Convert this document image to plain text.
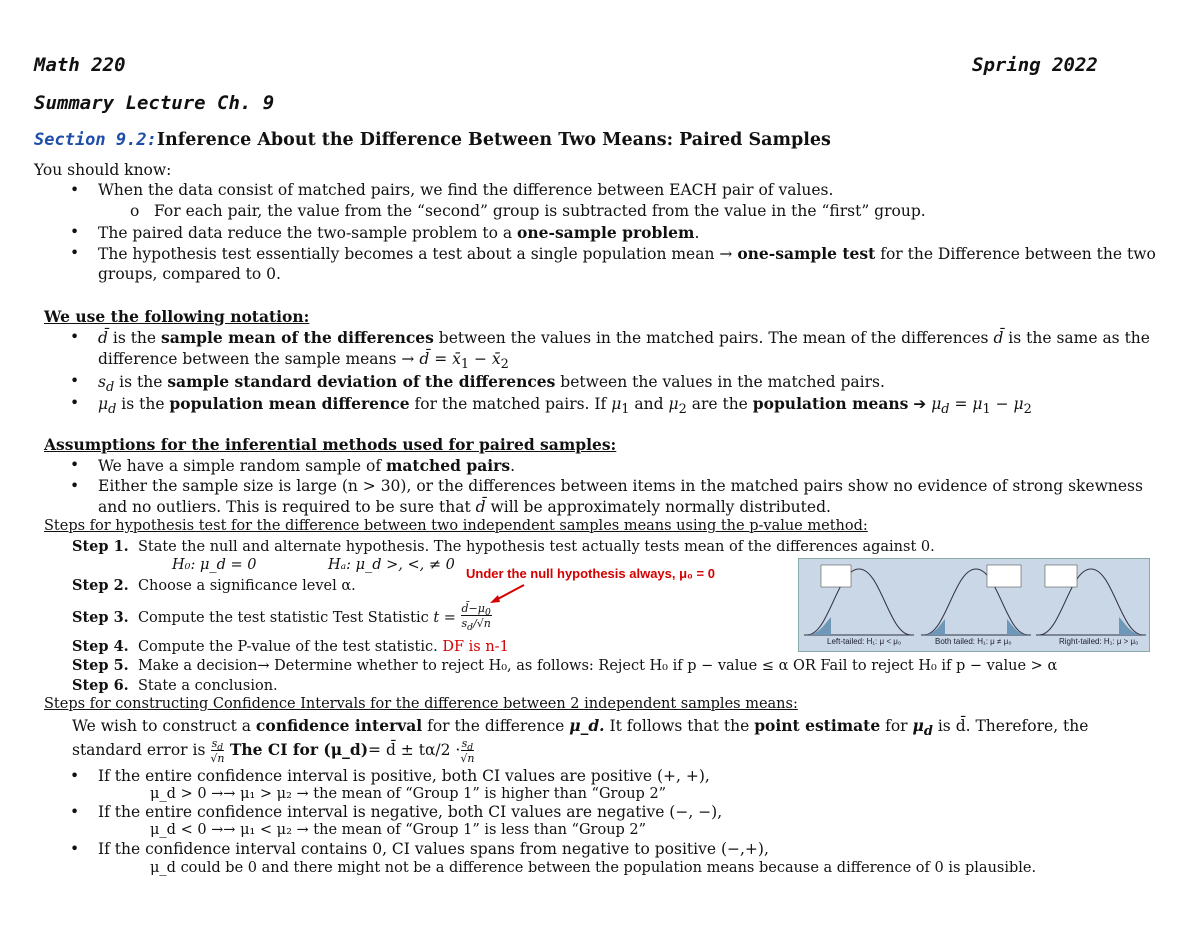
Math 220	Spring 2022
Summary Lecture Ch. 9
Section 9.2:Inference About the Difference Between Two Means: Paired Samples
You should know:
• When the data consist of matched pairs, we find the difference between EACH pair of values.
o For each pair, the value from the “second” group is subtracted from the value in the “first” group.
• The paired data reduce the two-sample problem to a one-sample problem.
• The hypothesis test essentially becomes a test about a single population mean → one-sample test for the Difference between the two
groups, compared to 0.
We use the following notation:
• d̄ is the sample mean of the differences between the values in the matched pairs. The mean of the differences d̄ is the same as the
difference between the sample means → d̄ = $x̄_1$ − $x̄_2$
• $s_d$ is the sample standard deviation of the differences between the values in the matched pairs.
• $\mu_d$ is the population mean difference for the matched pairs. If $\mu_1$ and $\mu_2$ are the population means ➔ $\mu_d = \mu_1 - \mu_2$
Assumptions for the inferential methods used for paired samples:
• We have a simple random sample of matched pairs.
• Either the sample size is large (n > 30), or the differences between items in the matched pairs show no evidence of strong skewness
and no outliers. This is required to be sure that d̄ will be approximately normally distributed.
Steps for hypothesis test for the difference between two independent samples means using the p-value method:
Step 1. State the null and alternate hypothesis. The hypothesis test actually tests mean of the differences against 0.
H₀: μ_d = 0	Hₐ: μ_d >, <, ≠ 0
Under the null hypothesis always, μ₀ = 0
Step 2. Choose a significance level α.
Step 3. Compute the test statistic Test Statistic $t = \frac{d̄-\mu_0}{s_d/√n}$
Step 4. Compute the P-value of the test statistic. DF is n-1
Step 5. Make a decision→ Determine whether to reject H₀, as follows: Reject H₀ if p − value ≤ α OR Fail to reject H₀ if p − value > α
Step 6. State a conclusion.
Left-tailed: H₁: μ < μ₀	Both tailed: H₁: μ ≠ μ₀	Right-tailed: H₁: μ > μ₀
Steps for constructing Confidence Intervals for the difference between 2 independent samples means:
We wish to construct a confidence interval for the difference μ_d. It follows that the point estimate for $\mu_d$ is d̄. Therefore, the
standard error is $\frac{s_d}{√n}$ The CI for (μ_d)= d̄ ± $t\alpha/2 \cdot\frac{s_d}{√n}$
• If the entire confidence interval is positive, both CI values are positive (+, +),
μ_d > 0 →→ μ₁ > μ₂ → the mean of “Group 1” is higher than “Group 2”
• If the entire confidence interval is negative, both CI values are negative (−, −),
μ_d < 0 →→ μ₁ < μ₂ → the mean of “Group 1” is less than “Group 2”
• If the confidence interval contains 0, CI values spans from negative to positive (−,+),
μ_d could be 0 and there might not be a difference between the population means because a difference of 0 is plausible.
